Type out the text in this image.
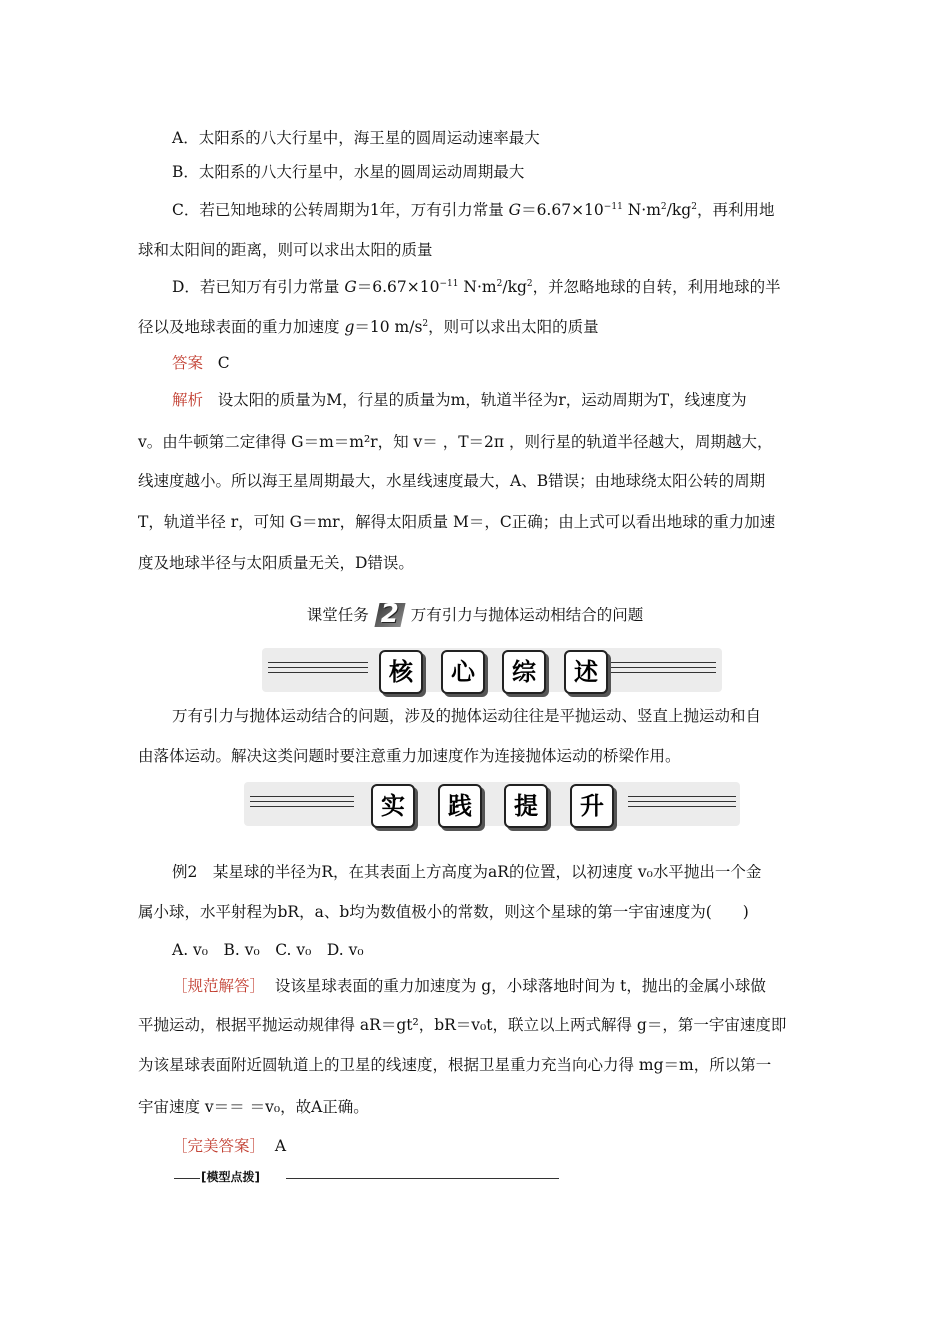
A．太阳系的八大行星中，海王星的圆周运动速率最大
B．太阳系的八大行星中，水星的圆周运动周期最大
C．若已知地球的公转周期为1年，万有引力常量 $G=6.67\times 10^{-11}$ $N\cdot m^2/kg^2$，再利用地
球和太阳间的距离，则可以求出太阳的质量
D．若已知万有引力常量 $G=6.67\times 10^{-11}$ $N\cdot m^2/kg^2$，并忽略地球的自转，利用地球的半
径以及地球表面的重力加速度 g＝10 $m/s^2$，则可以求出太阳的质量
答案 C
解析 设太阳的质量为M，行星的质量为m，轨道半径为r，运动周期为T，线速度为
v。由牛顿第二定律得 G＝m＝m²r，知 v＝ ，T＝2π ，则行星的轨道半径越大，周期越大，
线速度越小。所以海王星周期最大，水星线速度最大，A、B错误；由地球绕太阳公转的周期
T，轨道半径 r，可知 G＝mr，解得太阳质量 M＝，C正确；由上式可以看出地球的重力加速
度及地球半径与太阳质量无关，D错误。
课堂任务 2 万有引力与抛体运动相结合的问题
核	心	综	述
万有引力与抛体运动结合的问题，涉及的抛体运动往往是平抛运动、竖直上抛运动和自
由落体运动。解决这类问题时要注意重力加速度作为连接抛体运动的桥梁作用。
实	践	提	升
例2　某星球的半径为R，在其表面上方高度为aR的位置，以初速度 v₀水平抛出一个金
属小球，水平射程为bR，a、b均为数值极小的常数，则这个星球的第一宇宙速度为(　　)
A. v₀　B. v₀　C. v₀　D. v₀
［规范解答］ 设该星球表面的重力加速度为 g，小球落地时间为 t，抛出的金属小球做
平抛运动，根据平抛运动规律得 aR＝gt²，bR＝v₀t，联立以上两式解得 g＝，第一宇宙速度即
为该星球表面附近圆轨道上的卫星的线速度，根据卫星重力充当向心力得 mg＝m，所以第一
宇宙速度 v＝＝ ＝v₀，故A正确。
［完美答案］ A
[模型点拨]
